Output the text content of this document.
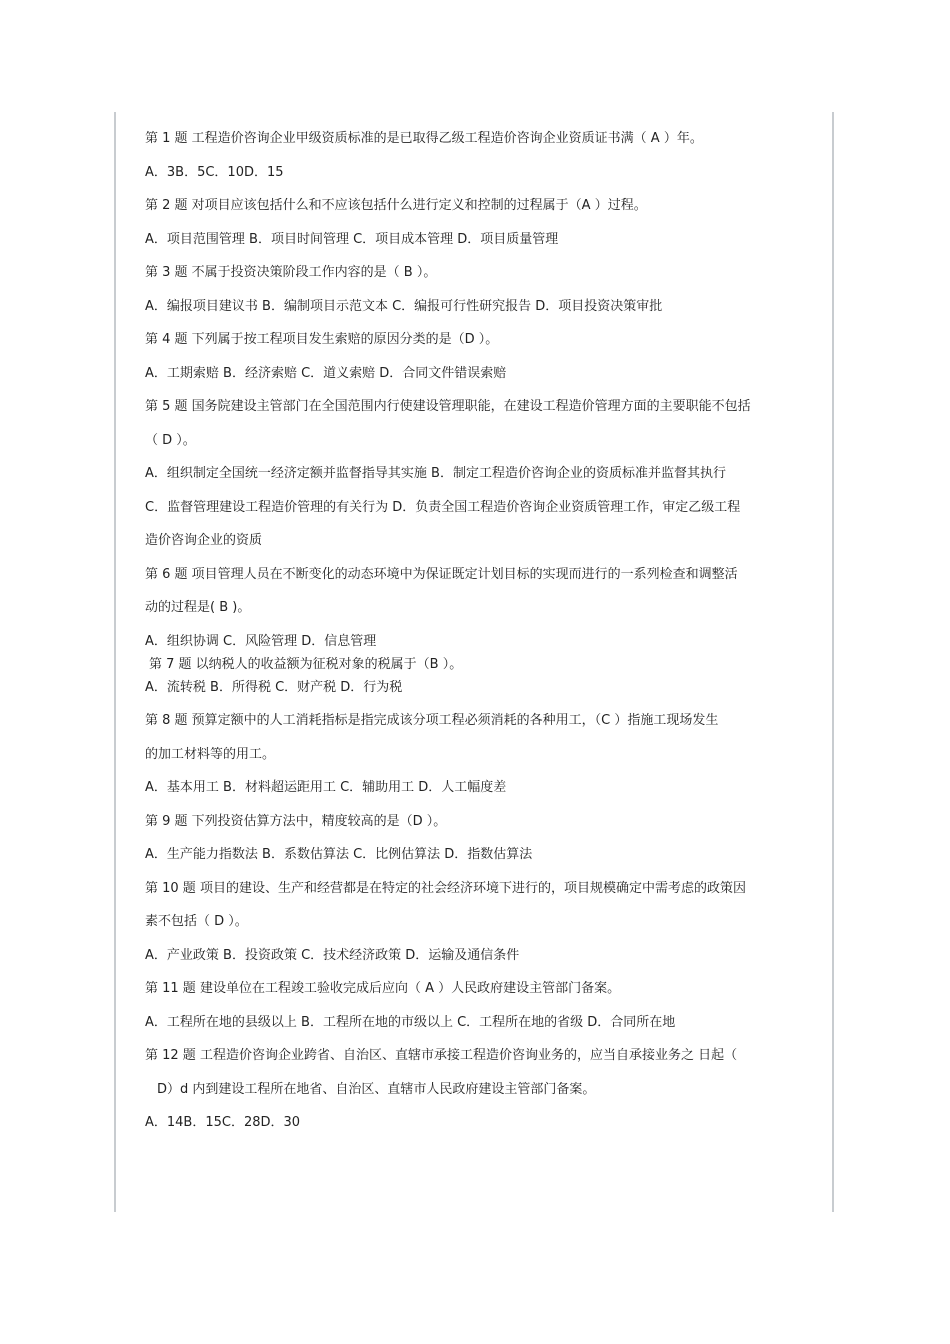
第 1 题 工程造价咨询企业甲级资质标准的是已取得乙级工程造价咨询企业资质证书满（ A ）年。
A．3B．5C．10D．15
第 2 题 对项目应该包括什么和不应该包括什么进行定义和控制的过程属于（A ）过程。
A．项目范围管理 B．项目时间管理 C．项目成本管理 D．项目质量管理
第 3 题 不属于投资决策阶段工作内容的是（ B ）。
A．编报项目建议书 B．编制项目示范文本 C．编报可行性研究报告 D．项目投资决策审批
第 4 题 下列属于按工程项目发生索赔的原因分类的是（D ）。
A．工期索赔 B．经济索赔 C．道义索赔 D．合同文件错误索赔
第 5 题 国务院建设主管部门在全国范围内行使建设管理职能，在建设工程造价管理方面的主要职能不包括
（ D ）。
A．组织制定全国统一经济定额并监督指导其实施 B．制定工程造价咨询企业的资质标准并监督其执行
C．监督管理建设工程造价管理的有关行为 D．负责全国工程造价咨询企业资质管理工作，审定乙级工程
造价咨询企业的资质
第 6 题 项目管理人员在不断变化的动态环境中为保证既定计划目标的实现而进行的一系列检查和调整活
动的过程是( B )。
A．组织协调 C．风险管理 D．信息管理
第 7 题 以纳税人的收益额为征税对象的税属于（B ）。
A．流转税 B．所得税 C．财产税 D．行为税
第 8 题 预算定额中的人工消耗指标是指完成该分项工程必须消耗的各种用工，（C ）指施工现场发生
的加工材料等的用工。
A．基本用工 B．材料超运距用工 C．辅助用工 D．人工幅度差
第 9 题 下列投资估算方法中，精度较高的是（D ）。
A．生产能力指数法 B．系数估算法 C．比例估算法 D．指数估算法
第 10 题 项目的建设、生产和经营都是在特定的社会经济环境下进行的，项目规模确定中需考虑的政策因
素不包括（ D ）。
A．产业政策 B．投资政策 C．技术经济政策 D．运输及通信条件
第 11 题 建设单位在工程竣工验收完成后应向（ A ）人民政府建设主管部门备案。
A．工程所在地的县级以上 B．工程所在地的市级以上 C．工程所在地的省级 D．合同所在地
第 12 题 工程造价咨询企业跨省、自治区、直辖市承接工程造价咨询业务的，应当自承接业务之 日起（
D）d 内到建设工程所在地省、自治区、直辖市人民政府建设主管部门备案。
A．14B．15C．28D．30
